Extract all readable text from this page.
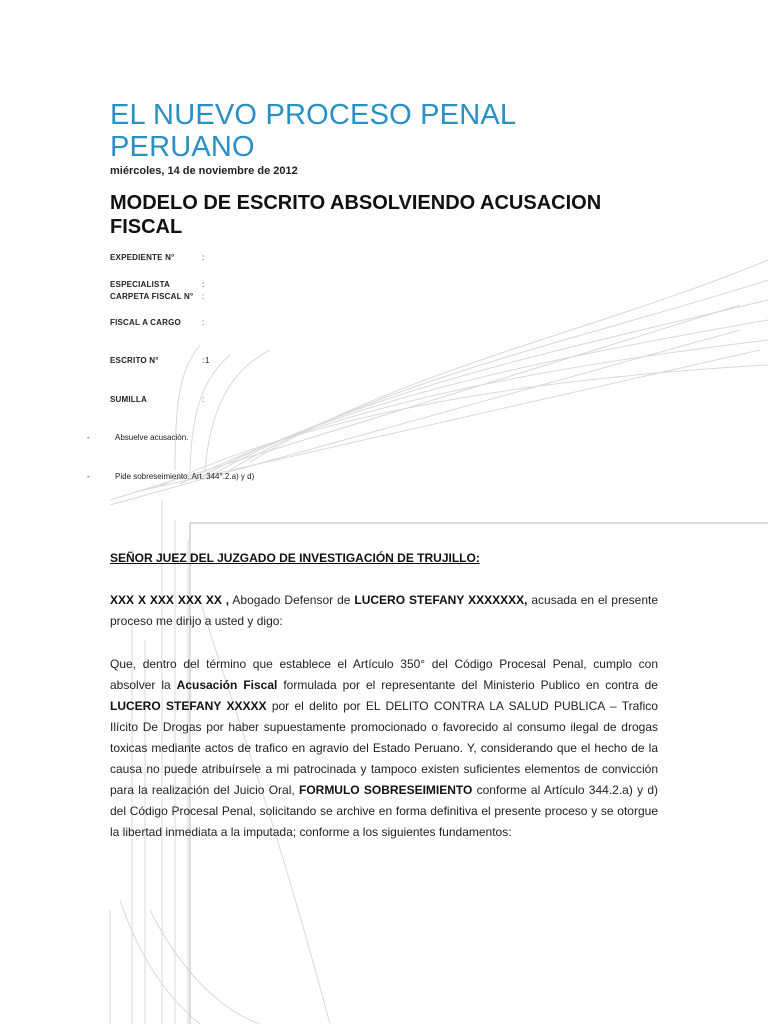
EL NUEVO PROCESO PENAL PERUANO
miércoles, 14 de noviembre de 2012
MODELO DE ESCRITO ABSOLVIENDO ACUSACION FISCAL
EXPEDIENTE N°	:
ESPECIALISTA	:
CARPETA FISCAL N° :
FISCAL A CARGO	:
ESCRITO N°	: 1
SUMILLA	:
-	Absuelve acusación.
-	Pide sobreseimiento. Art. 344°.2.a) y d)
SEÑOR JUEZ DEL JUZGADO DE INVESTIGACIÓN DE TRUJILLO:

XXX X XXX XXX XX , Abogado Defensor de LUCERO STEFANY XXXXXXX, acusada en el presente proceso me dirijo a usted y digo:

Que, dentro del término que establece el Artículo 350° del Código Procesal Penal, cumplo con absolver la Acusación Fiscal formulada por el representante del Ministerio Publico en contra de LUCERO STEFANY XXXXX por el delito por EL DELITO CONTRA LA SALUD PUBLICA – Trafico Ilícito De Drogas por haber supuestamente promocionado o favorecido al consumo ilegal de drogas toxicas mediante actos de trafico en agravio del Estado Peruano. Y, considerando que el hecho de la causa no puede atribuírsele a mi patrocinada y tampoco existen suficientes elementos de convicción para la realización del Juicio Oral, FORMULO SOBRESEIMIENTO conforme al Artículo 344.2.a) y d) del Código Procesal Penal, solicitando se archive en forma definitiva el presente proceso y se otorgue la libertad inmediata a la imputada; conforme a los siguientes fundamentos:
